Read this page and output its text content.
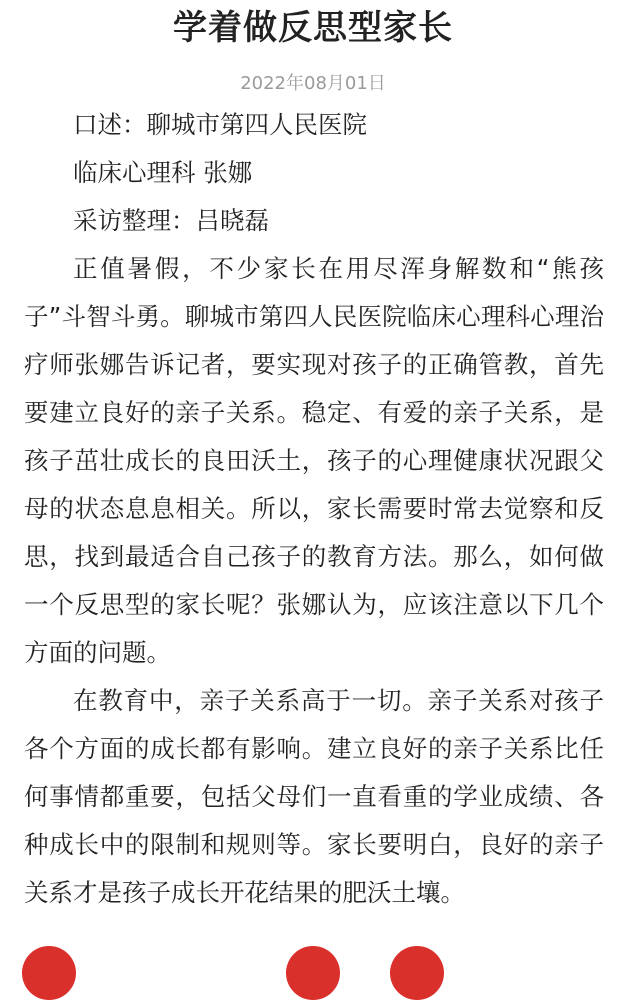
学着做反思型家长
2022年08月01日
口述：聊城市第四人民医院
临床心理科 张娜
采访整理：吕晓磊

正值暑假，不少家长在用尽浑身解数和“熊孩子”斗智斗勇。聊城市第四人民医院临床心理科心理治疗师张娜告诉记者，要实现对孩子的正确管教，首先要建立良好的亲子关系。稳定、有爱的亲子关系，是孩子茁壮成长的良田沃土，孩子的心理健康状况跟父母的状态息息相关。所以，家长需要时常去觉察和反思，找到最适合自己孩子的教育方法。那么，如何做一个反思型的家长呢？张娜认为，应该注意以下几个方面的问题。

在教育中，亲子关系高于一切。亲子关系对孩子各个方面的成长都有影响。建立良好的亲子关系比任何事情都重要，包括父母们一直看重的学业成绩、各种成长中的限制和规则等。家长要明白，良好的亲子关系才是孩子成长开花结果的肥沃土壤。
